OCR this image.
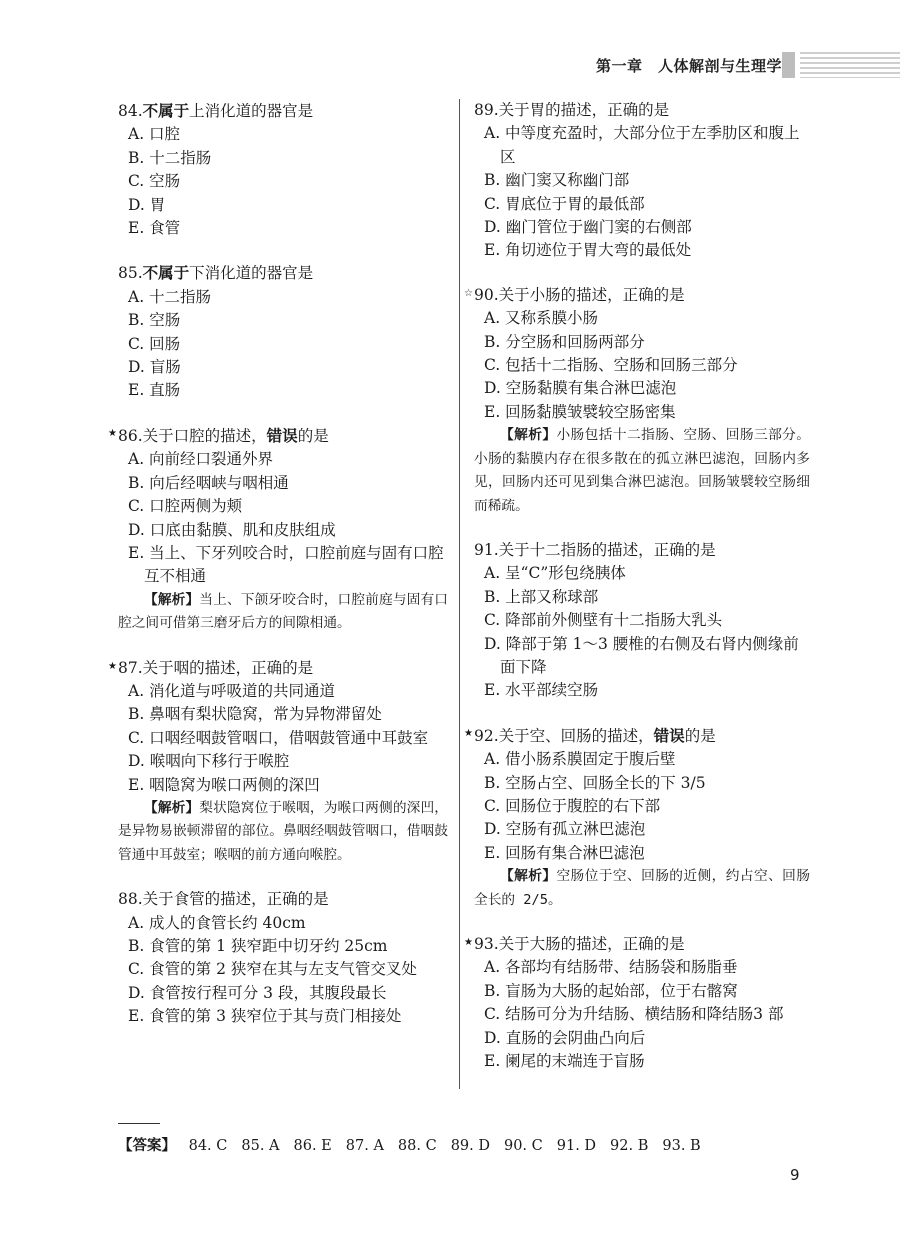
第一章　人体解剖与生理学
84.不属于上消化道的器官是
A. 口腔
B. 十二指肠
C. 空肠
D. 胃
E. 食管
85.不属于下消化道的器官是
A. 十二指肠
B. 空肠
C. 回肠
D. 盲肠
E. 直肠
★ 86.关于口腔的描述，错误的是
A. 向前经口裂通外界
B. 向后经咽峡与咽相通
C. 口腔两侧为颊
D. 口底由黏膜、肌和皮肤组成
E. 当上、下牙列咬合时，口腔前庭与固有口腔互不相通
【解析】当上、下颌牙咬合时，口腔前庭与固有口腔之间可借第三磨牙后方的间隙相通。
★ 87.关于咽的描述，正确的是
A. 消化道与呼吸道的共同通道
B. 鼻咽有梨状隐窝，常为异物滞留处
C. 口咽经咽鼓管咽口，借咽鼓管通中耳鼓室
D. 喉咽向下移行于喉腔
E. 咽隐窝为喉口两侧的深凹
【解析】梨状隐窝位于喉咽，为喉口两侧的深凹，是异物易嵌顿滞留的部位。鼻咽经咽鼓管咽口，借咽鼓管通中耳鼓室；喉咽的前方通向喉腔。
88.关于食管的描述，正确的是
A. 成人的食管长约 40cm
B. 食管的第 1 狭窄距中切牙约 25cm
C. 食管的第 2 狭窄在其与左支气管交叉处
D. 食管按行程可分 3 段，其腹段最长
E. 食管的第 3 狭窄位于其与贲门相接处
89.关于胃的描述，正确的是
A. 中等度充盈时，大部分位于左季肋区和腹上区
B. 幽门窦又称幽门部
C. 胃底位于胃的最低部
D. 幽门管位于幽门窦的右侧部
E. 角切迹位于胃大弯的最低处
☆ 90.关于小肠的描述，正确的是
A. 又称系膜小肠
B. 分空肠和回肠两部分
C. 包括十二指肠、空肠和回肠三部分
D. 空肠黏膜有集合淋巴滤泡
E. 回肠黏膜皱襞较空肠密集
【解析】小肠包括十二指肠、空肠、回肠三部分。小肠的黏膜内存在很多散在的孤立淋巴滤泡，回肠内多见，回肠内还可见到集合淋巴滤泡。回肠皱襞较空肠细而稀疏。
91.关于十二指肠的描述，正确的是
A. 呈“C”形包绕胰体
B. 上部又称球部
C. 降部前外侧壁有十二指肠大乳头
D. 降部于第 1～3 腰椎的右侧及右肾内侧缘前面下降
E. 水平部续空肠
★ 92.关于空、回肠的描述，错误的是
A. 借小肠系膜固定于腹后壁
B. 空肠占空、回肠全长的下 3/5
C. 回肠位于腹腔的右下部
D. 空肠有孤立淋巴滤泡
E. 回肠有集合淋巴滤泡
【解析】空肠位于空、回肠的近侧，约占空、回肠全长的 2/5。
★ 93.关于大肠的描述，正确的是
A. 各部均有结肠带、结肠袋和肠脂垂
B. 盲肠为大肠的起始部，位于右髂窝
C. 结肠可分为升结肠、横结肠和降结肠3 部
D. 直肠的会阴曲凸向后
E. 阑尾的末端连于盲肠
【答案】 84. C 85. A 86. E 87. A 88. C 89. D 90. C 91. D 92. B 93. B
9
